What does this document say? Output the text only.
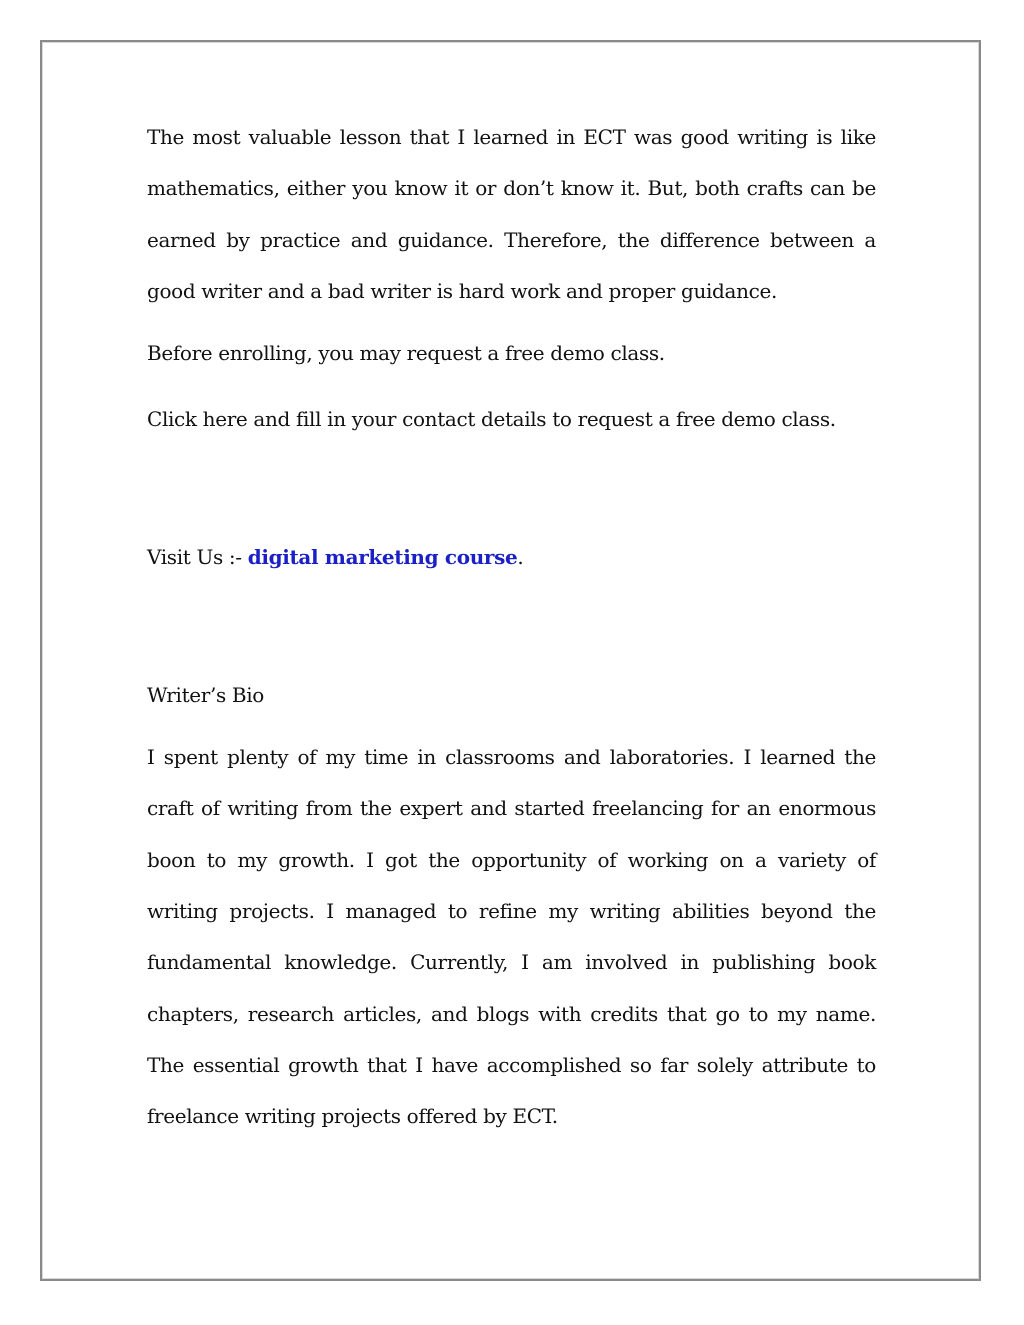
The most valuable lesson that I learned in ECT was good writing is like mathematics, either you know it or don’t know it. But, both crafts can be earned by practice and guidance. Therefore, the difference between a good writer and a bad writer is hard work and proper guidance.

Before enrolling, you may request a free demo class.

Click here and fill in your contact details to request a free demo class.

Visit Us :- digital marketing course.

Writer’s Bio

I spent plenty of my time in classrooms and laboratories. I learned the craft of writing from the expert and started freelancing for an enormous boon to my growth. I got the opportunity of working on a variety of writing projects. I managed to refine my writing abilities beyond the fundamental knowledge. Currently, I am involved in publishing book chapters, research articles, and blogs with credits that go to my name. The essential growth that I have accomplished so far solely attribute to freelance writing projects offered by ECT.
